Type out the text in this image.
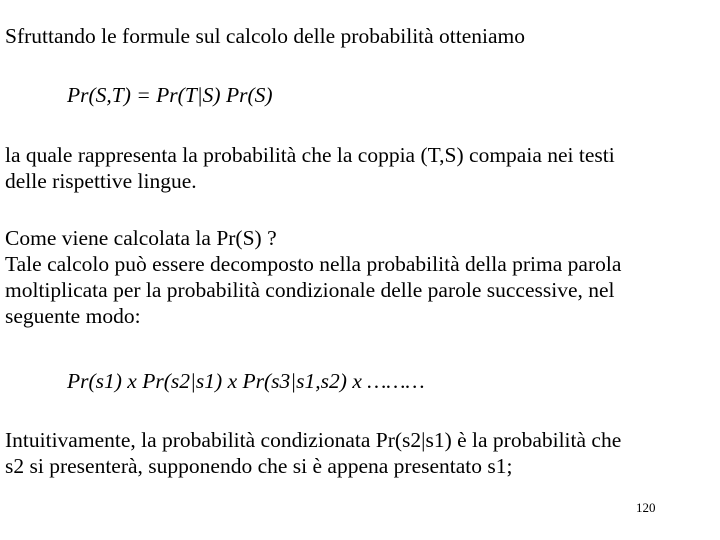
Sfruttando le formule sul calcolo delle probabilità otteniamo
Pr(S,T) = Pr(T|S) Pr(S)
la quale rappresenta la probabilità che la coppia (T,S) compaia nei testi
delle rispettive lingue.
Come viene calcolata la Pr(S) ?
Tale calcolo può essere decomposto nella probabilità della prima parola
moltiplicata per la probabilità condizionale delle parole successive, nel
seguente modo:
Pr(s1) x Pr(s2|s1) x Pr(s3|s1,s2) x ………
Intuitivamente, la probabilità condizionata Pr(s2|s1) è la probabilità che
s2 si presenterà, supponendo che si è appena presentato s1;
120
